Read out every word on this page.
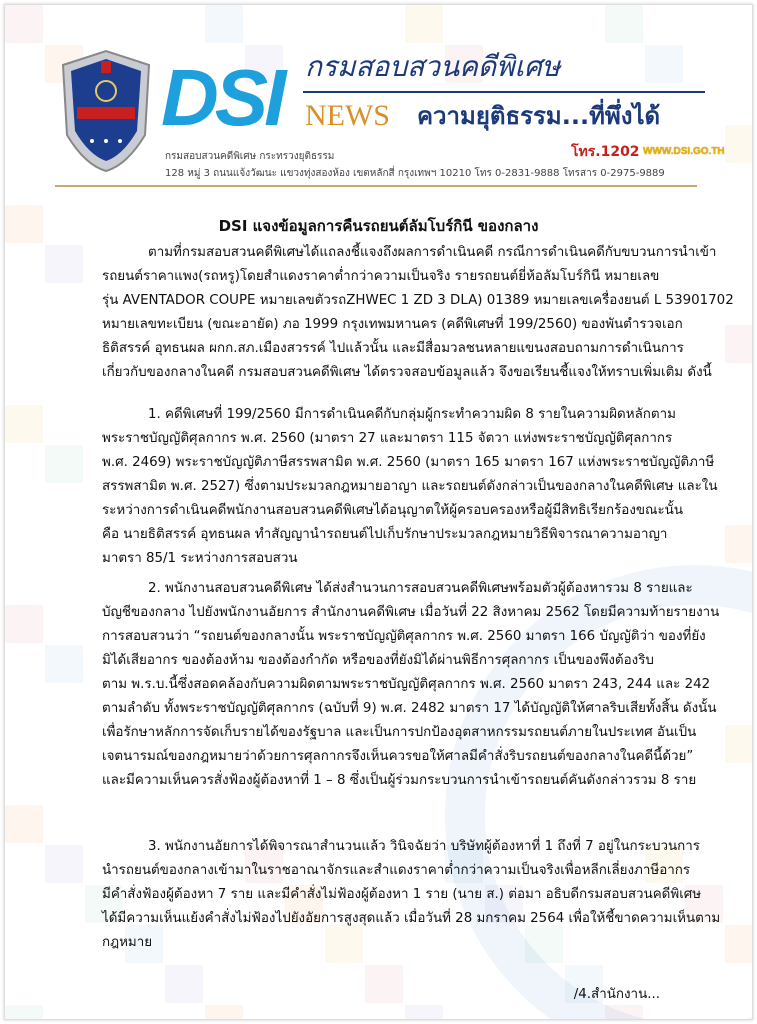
DSI กรมสอบสวนคดีพิเศษ
NEWS ความยุติธรรม...ที่พึ่งได้
โทร.1202 WWW.DSI.GO.TH
กรมสอบสวนคดีพิเศษ กระทรวงยุติธรรม
128 หมู่ 3 ถนนแจ้งวัฒนะ แขวงทุ่งสองห้อง เขตหลักสี่ กรุงเทพฯ 10210 โทร 0-2831-9888 โทรสาร 0-2975-9889
DSI แจงข้อมูลการคืนรถยนต์ลัมโบร์กินี ของกลาง
ตามที่กรมสอบสวนคดีพิเศษได้แถลงชี้แจงถึงผลการดำเนินคดี กรณีการดำเนินคดีกับขบวนการนำเข้า
รถยนต์ราคาแพง(รถหรู)โดยสำแดงราคาต่ำกว่าความเป็นจริง รายรถยนต์ยี่ห้อลัมโบร์กินี หมายเลข
รุ่น AVENTADOR COUPE หมายเลขตัวรถZHWEC 1 ZD 3 DLA) 01389 หมายเลขเครื่องยนต์ L 53901702
หมายเลขทะเบียน (ขณะอายัด) ภอ 1999 กรุงเทพมหานคร (คดีพิเศษที่ 199/2560) ของพันตำรวจเอก
ธิติสรรค์ อุทธนผล ผกก.สภ.เมืองสวรรค์ ไปแล้วนั้น และมีสื่อมวลชนหลายแขนงสอบถามการดำเนินการ
เกี่ยวกับของกลางในคดี กรมสอบสวนคดีพิเศษ ได้ตรวจสอบข้อมูลแล้ว จึงขอเรียนชี้แจงให้ทราบเพิ่มเติม ดังนี้
1. คดีพิเศษที่ 199/2560 มีการดำเนินคดีกับกลุ่มผู้กระทำความผิด 8 รายในความผิดหลักตาม
พระราชบัญญัติศุลกากร พ.ศ. 2560 (มาตรา 27 และมาตรา 115 จัตวา แห่งพระราชบัญญัติศุลกากร
พ.ศ. 2469) พระราชบัญญัติภาษีสรรพสามิต พ.ศ. 2560 (มาตรา 165 มาตรา 167 แห่งพระราชบัญญัติภาษี
สรรพสามิต พ.ศ. 2527) ซึ่งตามประมวลกฎหมายอาญา และรถยนต์ดังกล่าวเป็นของกลางในคดีพิเศษ และใน
ระหว่างการดำเนินคดีพนักงานสอบสวนคดีพิเศษได้อนุญาตให้ผู้ครอบครองหรือผู้มีสิทธิเรียกร้องขณะนั้น
คือ นายธิติสรรค์ อุทธนผล ทำสัญญานำรถยนต์ไปเก็บรักษาประมวลกฎหมายวิธีพิจารณาความอาญา
มาตรา 85/1 ระหว่างการสอบสวน
2. พนักงานสอบสวนคดีพิเศษ ได้ส่งสำนวนการสอบสวนคดีพิเศษพร้อมตัวผู้ต้องหารวม 8 รายและ
บัญชีของกลาง ไปยังพนักงานอัยการ สำนักงานคดีพิเศษ เมื่อวันที่ 22 สิงหาคม 2562 โดยมีความท้ายรายงาน
การสอบสวนว่า “รถยนต์ของกลางนั้น พระราชบัญญัติศุลกากร พ.ศ. 2560 มาตรา 166 บัญญัติว่า ของที่ยัง
มิได้เสียอากร ของต้องห้าม ของต้องกำกัด หรือของที่ยังมิได้ผ่านพิธีการศุลกากร เป็นของพึงต้องริบ
ตาม พ.ร.บ.นี้ซึ่งสอดคล้องกับความผิดตามพระราชบัญญัติศุลกากร พ.ศ. 2560 มาตรา 243, 244 และ 242
ตามลำดับ ทั้งพระราชบัญญัติศุลกากร (ฉบับที่ 9) พ.ศ. 2482 มาตรา 17 ได้บัญญัติให้ศาลริบเสียทั้งสิ้น ดังนั้น
เพื่อรักษาหลักการจัดเก็บรายได้ของรัฐบาล และเป็นการปกป้องอุตสาหกรรมรถยนต์ภายในประเทศ อันเป็น
เจตนารมณ์ของกฎหมายว่าด้วยการศุลกากรจึงเห็นควรขอให้ศาลมีคำสั่งริบรถยนต์ของกลางในคดีนี้ด้วย”
และมีความเห็นควรสั่งฟ้องผู้ต้องหาที่ 1 – 8 ซึ่งเป็นผู้ร่วมกระบวนการนำเข้ารถยนต์คันดังกล่าวรวม 8 ราย
3. พนักงานอัยการได้พิจารณาสำนวนแล้ว วินิจฉัยว่า บริษัทผู้ต้องหาที่ 1 ถึงที่ 7 อยู่ในกระบวนการ
นำรถยนต์ของกลางเข้ามาในราชอาณาจักรและสำแดงราคาต่ำกว่าความเป็นจริงเพื่อหลีกเลี่ยงภาษีอากร
มีคำสั่งฟ้องผู้ต้องหา 7 ราย และมีคำสั่งไม่ฟ้องผู้ต้องหา 1 ราย (นาย ส.) ต่อมา อธิบดีกรมสอบสวนคดีพิเศษ
ได้มีความเห็นแย้งคำสั่งไม่ฟ้องไปยังอัยการสูงสุดแล้ว เมื่อวันที่ 28 มกราคม 2564 เพื่อให้ชี้ขาดความเห็นตาม
กฎหมาย
/4.สำนักงาน...
